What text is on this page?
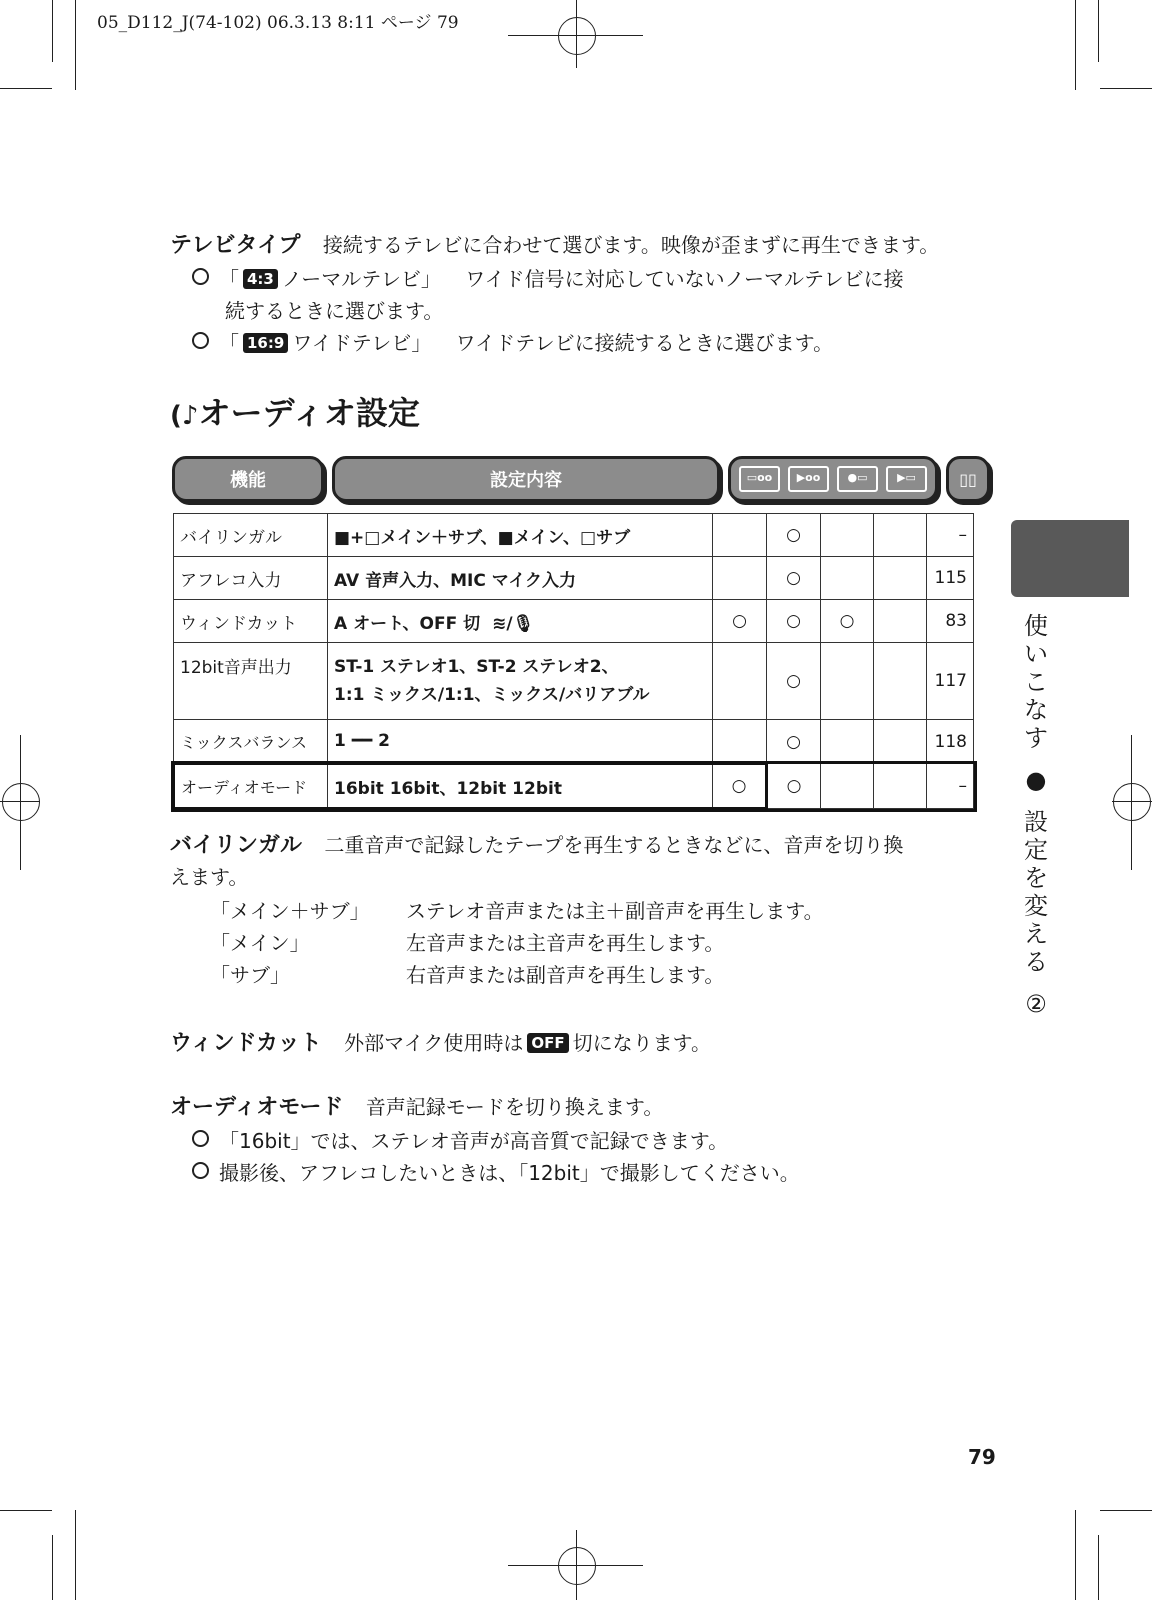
05_D112_J(74-102) 06.3.13 8:11 ページ 79
テレビタイプ 接続するテレビに合わせて選びます。映像が歪まずに再生できます。
「 4:3 ノーマルテレビ」 ワイド信号に対応していないノーマルテレビに接
続するときに選びます。
「 16:9 ワイドテレビ」 ワイドテレビに接続するときに選びます。
(♪オーディオ設定
機能	設定内容	▭oo	▶oo	●▭	▶▭	▯▯
バイリンガル	■+□メイン＋サブ、■メイン、□サブ		○			–
アフレコ入力	AV 音声入力、MIC マイク入力		○			115
ウィンドカット	A オート、OFF 切 ≋/🎙	○	○	○		83
12bit音声出力	ST-1 ステレオ1、ST-2 ステレオ2、
1:1 ミックス/1:1、ミックス/バリアブル		○			117
ミックスバランス	1 ━━ 2		○			118
オーディオモード	16bit 16bit、12bit 12bit	○	○			–
バイリンガル 二重音声で記録したテープを再生するときなどに、音声を切り換
えます。
「メイン＋サブ」 ステレオ音声または主＋副音声を再生します。
「メイン」	左音声または主音声を再生します。
「サブ」	右音声または副音声を再生します。
ウィンドカット 外部マイク使用時は OFF 切になります。
オーディオモード 音声記録モードを切り換えます。
「16bit」では、ステレオ音声が高音質で記録できます。
撮影後、アフレコしたいときは、「12bit」で撮影してください。
使
い
こ
な
す
●
設
定
を
変
え
る
②
79
